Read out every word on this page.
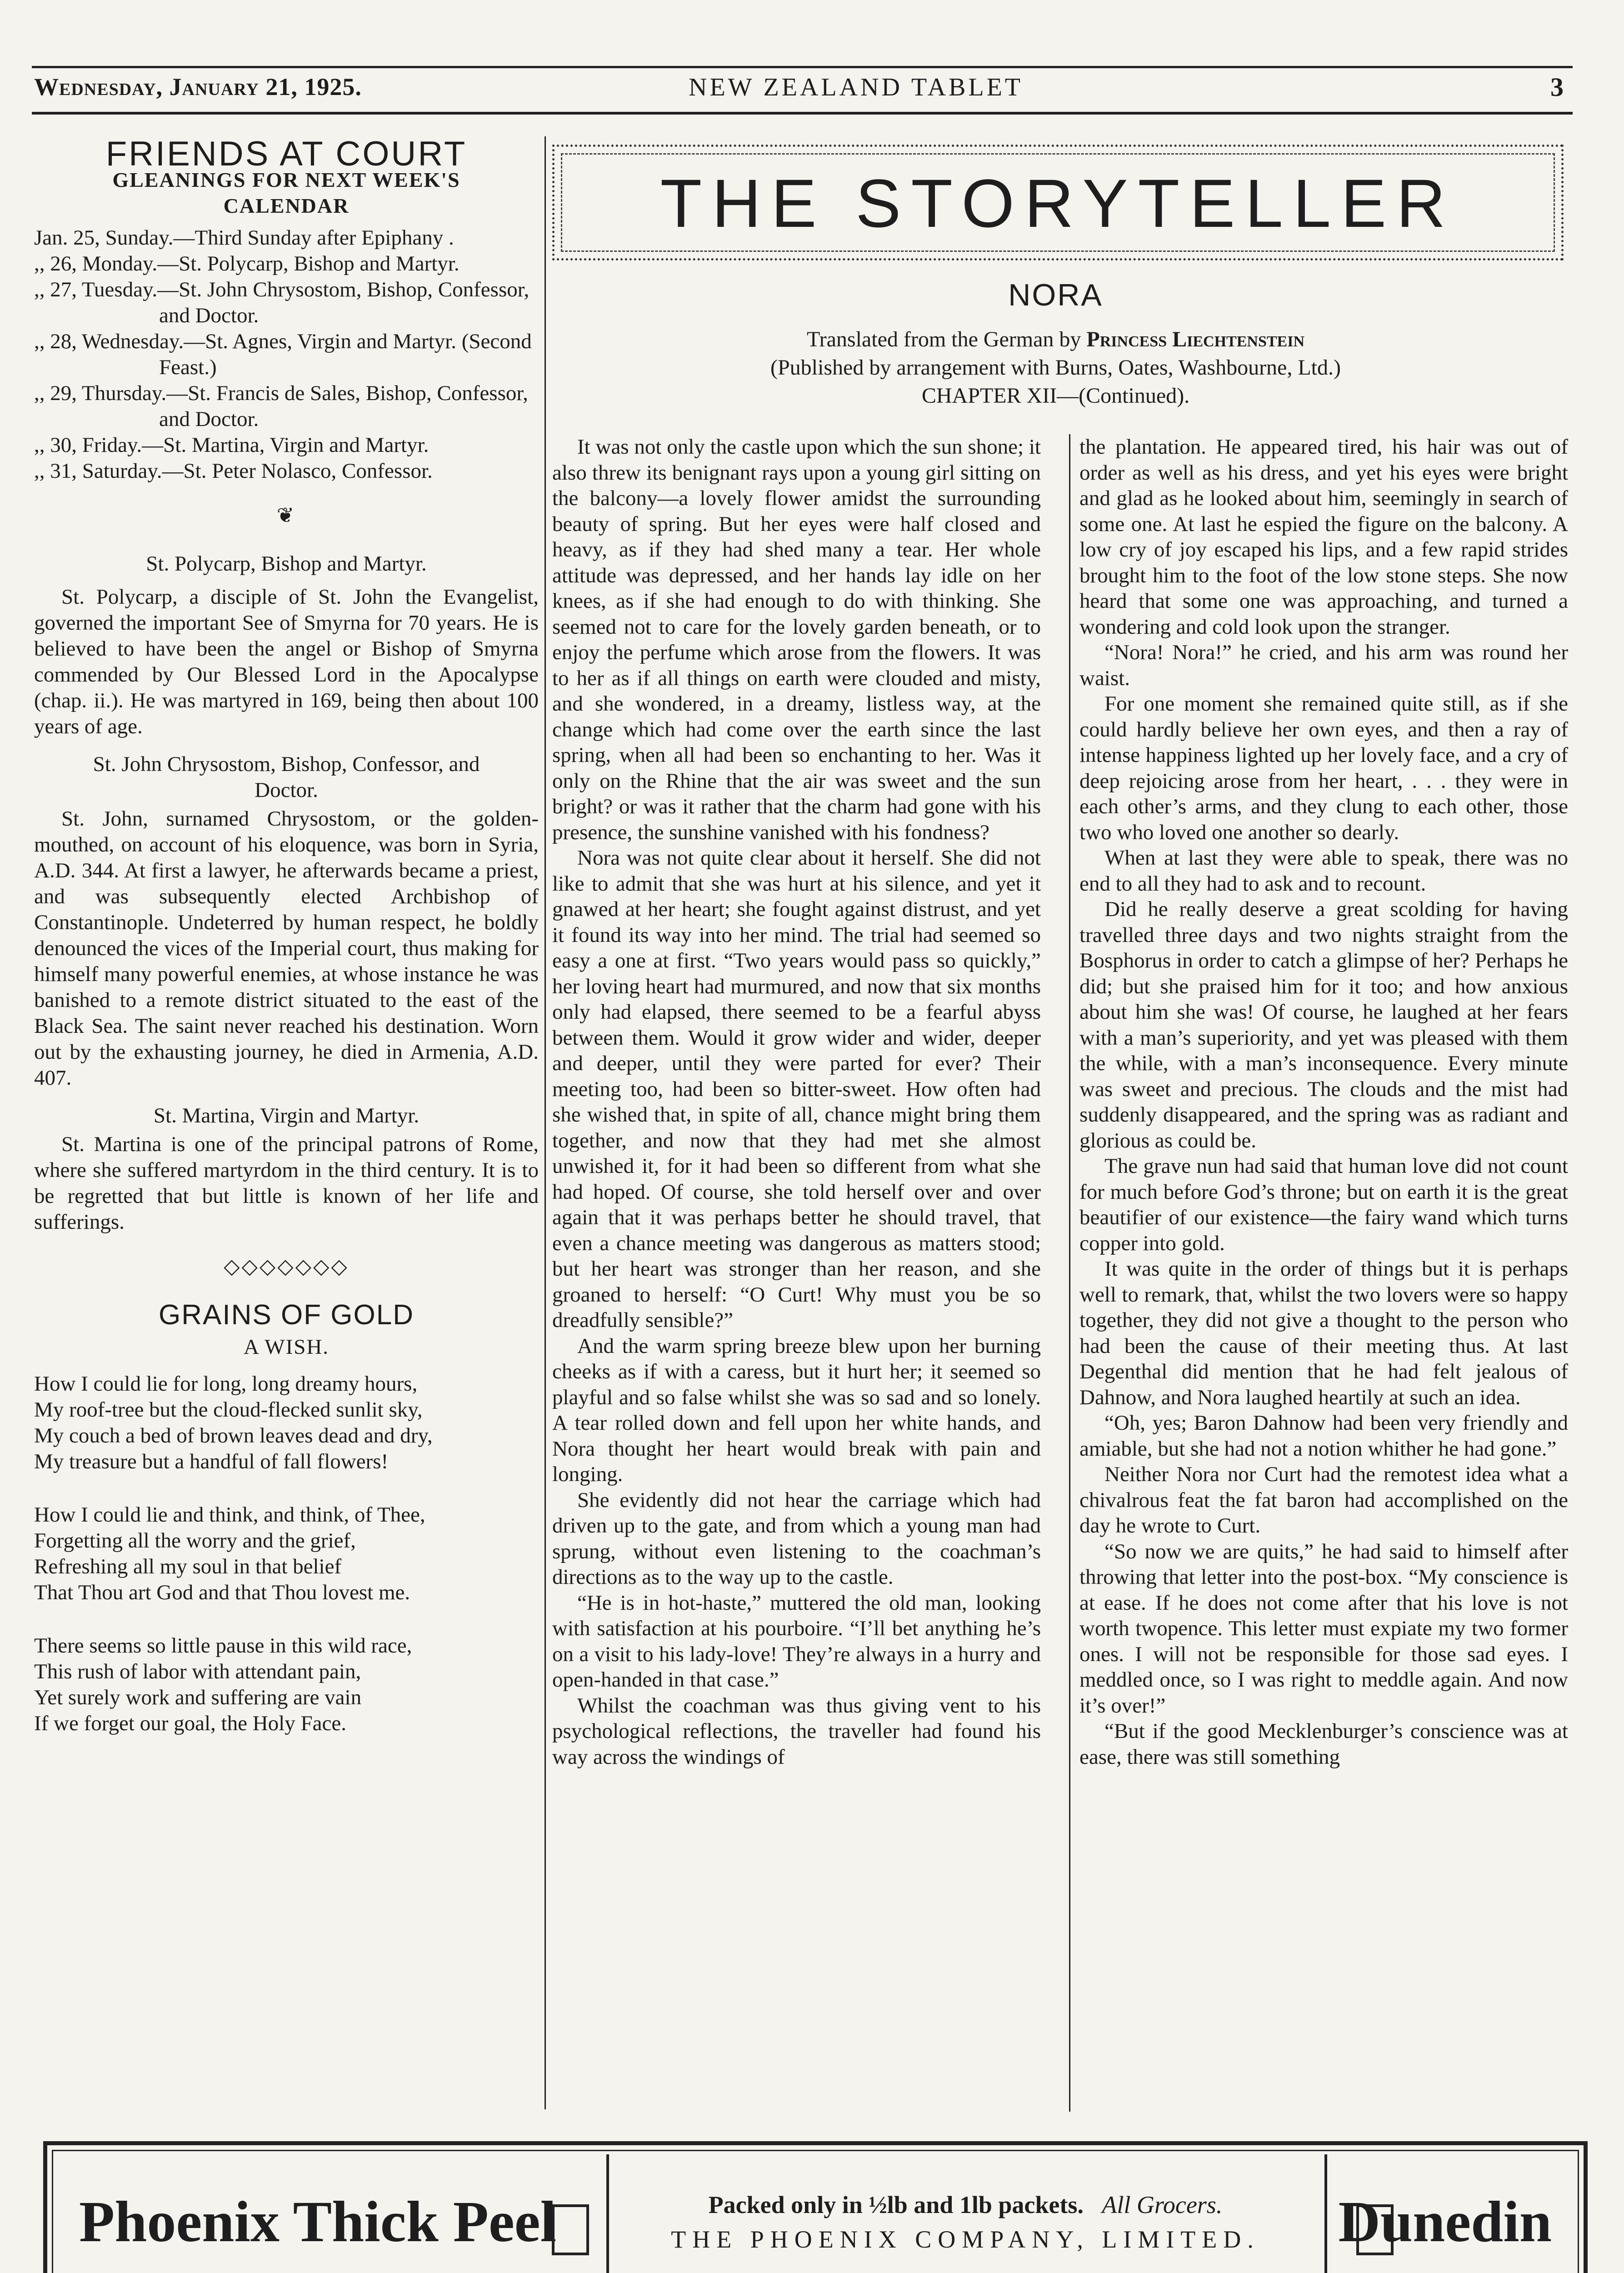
Wednesday, January 21, 1925.	NEW ZEALAND TABLET	3
FRIENDS AT COURT

GLEANINGS FOR NEXT WEEK'S

CALENDAR

Jan. 25, Sunday.—Third Sunday after Epiphany .

,, 26, Monday.—St. Polycarp, Bishop and Martyr.

,, 27, Tuesday.—St. John Chrysostom, Bishop, Confessor, and Doctor.

,, 28, Wednesday.—St. Agnes, Virgin and Martyr. (Second Feast.)

,, 29, Thursday.—St. Francis de Sales, Bishop, Confessor, and Doctor.

,, 30, Friday.—St. Martina, Virgin and Martyr.

,, 31, Saturday.—St. Peter Nolasco, Confessor.

❦

St. Polycarp, Bishop and Martyr.

St. Polycarp, a disciple of St. John the Evangelist, governed the important See of Smyrna for 70 years. He is believed to have been the angel or Bishop of Smyrna commended by Our Blessed Lord in the Apocalypse (chap. ii.). He was martyred in 169, being then about 100 years of age.

St. John Chrysostom, Bishop, Confessor, and Doctor.

St. John, surnamed Chrysostom, or the golden-mouthed, on account of his eloquence, was born in Syria, A.D. 344. At first a lawyer, he afterwards became a priest, and was subsequently elected Archbishop of Constantinople. Undeterred by human respect, he boldly denounced the vices of the Imperial court, thus making for himself many powerful enemies, at whose instance he was banished to a remote district situated to the east of the Black Sea. The saint never reached his destination. Worn out by the exhausting journey, he died in Armenia, A.D. 407.

St. Martina, Virgin and Martyr.

St. Martina is one of the principal patrons of Rome, where she suffered martyrdom in the third century. It is to be regretted that but little is known of her life and sufferings.

◇◇◇◇◇◇◇
GRAINS OF GOLD

A WISH.

How I could lie for long, long dreamy hours,

My roof-tree but the cloud-flecked sunlit sky,

My couch a bed of brown leaves dead and dry,

My treasure but a handful of fall flowers!

How I could lie and think, and think, of Thee,

Forgetting all the worry and the grief,

Refreshing all my soul in that belief

That Thou art God and that Thou lovest me.

There seems so little pause in this wild race,

This rush of labor with attendant pain,

Yet surely work and suffering are vain

If we forget our goal, the Holy Face.

THE STORYTELLER

NORA

Translated from the German by Princess Liechtenstein

(Published by arrangement with Burns, Oates, Washbourne, Ltd.)

CHAPTER XII—(Continued).

It was not only the castle upon which the sun shone; it also threw its benignant rays upon a young girl sitting on the balcony—a lovely flower amidst the surrounding beauty of spring. But her eyes were half closed and heavy, as if they had shed many a tear. Her whole attitude was depressed, and her hands lay idle on her knees, as if she had enough to do with thinking. She seemed not to care for the lovely garden beneath, or to enjoy the perfume which arose from the flowers. It was to her as if all things on earth were clouded and misty, and she wondered, in a dreamy, listless way, at the change which had come over the earth since the last spring, when all had been so enchanting to her. Was it only on the Rhine that the air was sweet and the sun bright? or was it rather that the charm had gone with his presence, the sunshine vanished with his fondness?

Nora was not quite clear about it herself. She did not like to admit that she was hurt at his silence, and yet it gnawed at her heart; she fought against distrust, and yet it found its way into her mind. The trial had seemed so easy a one at first. “Two years would pass so quickly,” her loving heart had murmured, and now that six months only had elapsed, there seemed to be a fearful abyss between them. Would it grow wider and wider, deeper and deeper, until they were parted for ever? Their meeting too, had been so bitter-sweet. How often had she wished that, in spite of all, chance might bring them together, and now that they had met she almost unwished it, for it had been so different from what she had hoped. Of course, she told herself over and over again that it was perhaps better he should travel, that even a chance meeting was dangerous as matters stood; but her heart was stronger than her reason, and she groaned to herself: “O Curt! Why must you be so dreadfully sensible?”

And the warm spring breeze blew upon her burning cheeks as if with a caress, but it hurt her; it seemed so playful and so false whilst she was so sad and so lonely. A tear rolled down and fell upon her white hands, and Nora thought her heart would break with pain and longing.

She evidently did not hear the carriage which had driven up to the gate, and from which a young man had sprung, without even listening to the coachman’s directions as to the way up to the castle.

“He is in hot-haste,” muttered the old man, looking with satisfaction at his pourboire. “I’ll bet anything he’s on a visit to his lady-love! They’re always in a hurry and open-handed in that case.”

Whilst the coachman was thus giving vent to his psychological reflections, the traveller had found his way across the windings of

the plantation. He appeared tired, his hair was out of order as well as his dress, and yet his eyes were bright and glad as he looked about him, seemingly in search of some one. At last he espied the figure on the balcony. A low cry of joy escaped his lips, and a few rapid strides brought him to the foot of the low stone steps. She now heard that some one was approaching, and turned a wondering and cold look upon the stranger.

“Nora! Nora!” he cried, and his arm was round her waist.

For one moment she remained quite still, as if she could hardly believe her own eyes, and then a ray of intense happiness lighted up her lovely face, and a cry of deep rejoicing arose from her heart, . . . they were in each other’s arms, and they clung to each other, those two who loved one another so dearly.

When at last they were able to speak, there was no end to all they had to ask and to recount.

Did he really deserve a great scolding for having travelled three days and two nights straight from the Bosphorus in order to catch a glimpse of her? Perhaps he did; but she praised him for it too; and how anxious about him she was! Of course, he laughed at her fears with a man’s superiority, and yet was pleased with them the while, with a man’s inconsequence. Every minute was sweet and precious. The clouds and the mist had suddenly disappeared, and the spring was as radiant and glorious as could be.

The grave nun had said that human love did not count for much before God’s throne; but on earth it is the great beautifier of our existence—the fairy wand which turns copper into gold.

It was quite in the order of things but it is perhaps well to remark, that, whilst the two lovers were so happy together, they did not give a thought to the person who had been the cause of their meeting thus. At last Degenthal did mention that he had felt jealous of Dahnow, and Nora laughed heartily at such an idea.

“Oh, yes; Baron Dahnow had been very friendly and amiable, but she had not a notion whither he had gone.”

Neither Nora nor Curt had the remotest idea what a chivalrous feat the fat baron had accomplished on the day he wrote to Curt.

“So now we are quits,” he had said to himself after throwing that letter into the post-box. “My conscience is at ease. If he does not come after that his love is not worth twopence. This letter must expiate my two former ones. I will not be responsible for those sad eyes. I meddled once, so I was right to meddle again. And now it’s over!”

“But if the good Mecklenburger’s conscience was at ease, there was still something

Phoenix Thick Peel	Packed only in ½lb and 1lb packets. All Grocers.

THE PHOENIX COMPANY, LIMITED.	Dunedin
